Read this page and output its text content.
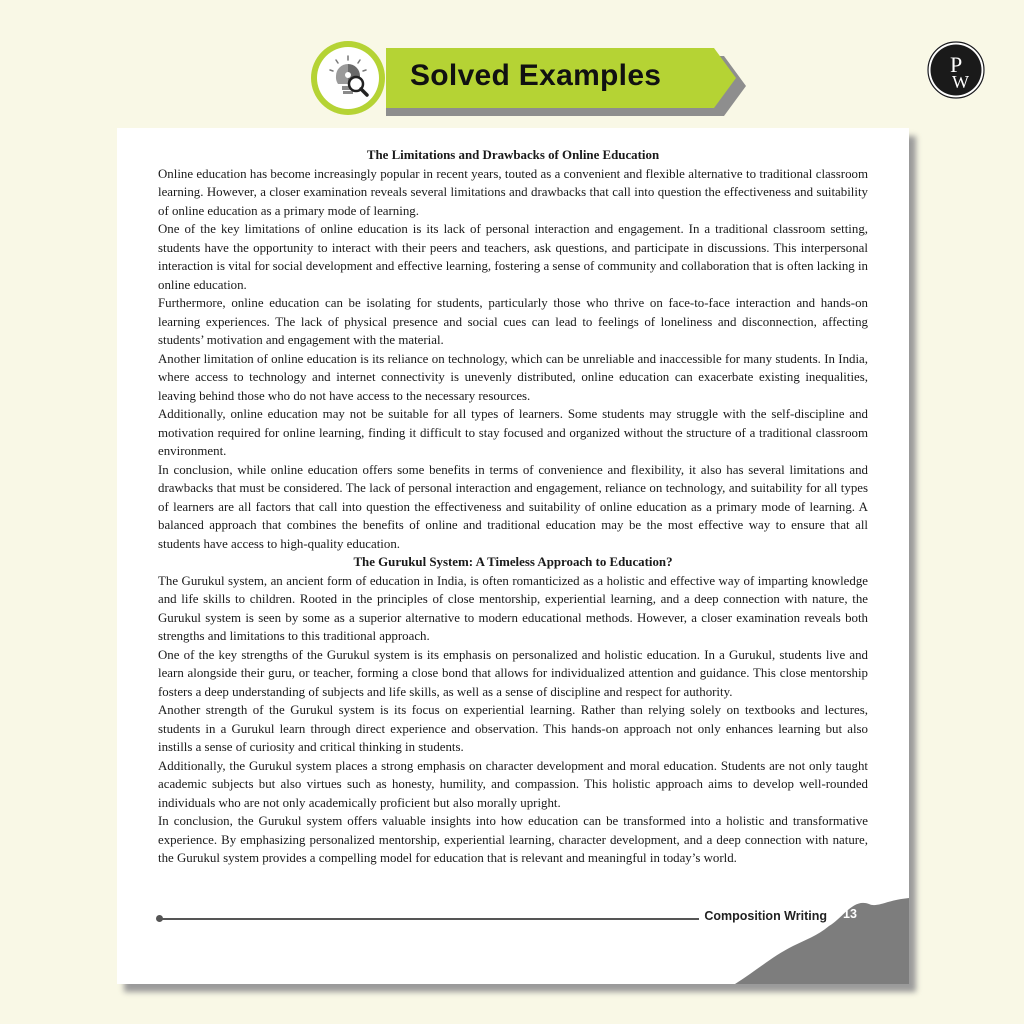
Solved Examples	P
W
The Limitations and Drawbacks of Online Education

Online education has become increasingly popular in recent years, touted as a convenient and flexible alternative to traditional classroom learning. However, a closer examination reveals several limitations and drawbacks that call into question the effectiveness and suitability of online education as a primary mode of learning.

One of the key limitations of online education is its lack of personal interaction and engagement. In a traditional classroom setting, students have the opportunity to interact with their peers and teachers, ask questions, and participate in discussions. This interpersonal interaction is vital for social development and effective learning, fostering a sense of community and collaboration that is often lacking in online education.

Furthermore, online education can be isolating for students, particularly those who thrive on face-to-face interaction and hands-on learning experiences. The lack of physical presence and social cues can lead to feelings of loneliness and disconnection, affecting students’ motivation and engagement with the material.

Another limitation of online education is its reliance on technology, which can be unreliable and inaccessible for many students. In India, where access to technology and internet connectivity is unevenly distributed, online education can exacerbate existing inequalities, leaving behind those who do not have access to the necessary resources.

Additionally, online education may not be suitable for all types of learners. Some students may struggle with the self-discipline and motivation required for online learning, finding it difficult to stay focused and organized without the structure of a traditional classroom environment.

In conclusion, while online education offers some benefits in terms of convenience and flexibility, it also has several limitations and drawbacks that must be considered. The lack of personal interaction and engagement, reliance on technology, and suitability for all types of learners are all factors that call into question the effectiveness and suitability of online education as a primary mode of learning. A balanced approach that combines the benefits of online and traditional education may be the most effective way to ensure that all students have access to high-quality education.

The Gurukul System: A Timeless Approach to Education?

The Gurukul system, an ancient form of education in India, is often romanticized as a holistic and effective way of imparting knowledge and life skills to children. Rooted in the principles of close mentorship, experiential learning, and a deep connection with nature, the Gurukul system is seen by some as a superior alternative to modern educational methods. However, a closer examination reveals both strengths and limitations to this traditional approach.

One of the key strengths of the Gurukul system is its emphasis on personalized and holistic education. In a Gurukul, students live and learn alongside their guru, or teacher, forming a close bond that allows for individualized attention and guidance. This close mentorship fosters a deep understanding of subjects and life skills, as well as a sense of discipline and respect for authority.

Another strength of the Gurukul system is its focus on experiential learning. Rather than relying solely on textbooks and lectures, students in a Gurukul learn through direct experience and observation. This hands-on approach not only enhances learning but also instills a sense of curiosity and critical thinking in students.

Additionally, the Gurukul system places a strong emphasis on character development and moral education. Students are not only taught academic subjects but also virtues such as honesty, humility, and compassion. This holistic approach aims to develop well-rounded individuals who are not only academically proficient but also morally upright.

In conclusion, the Gurukul system offers valuable insights into how education can be transformed into a holistic and transformative experience. By emphasizing personalized mentorship, experiential learning, character development, and a deep connection with nature, the Gurukul system provides a compelling model for education that is relevant and meaningful in today’s world.

Composition Writing	13
